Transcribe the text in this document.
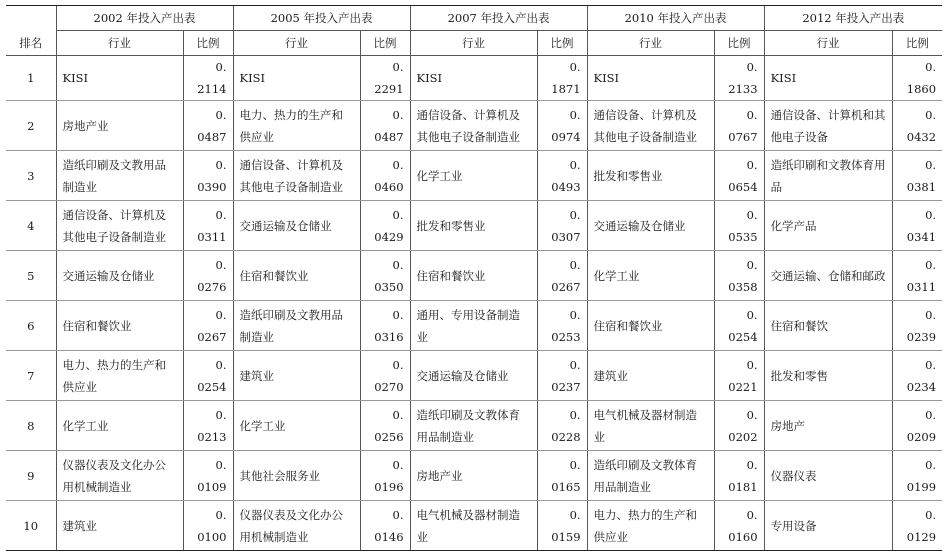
	2002 年投入产出表		2005 年投入产出表		2007 年投入产出表		2010 年投入产出表		2012 年投入产出表	
排名	行业	比例	行业	比例	行业	比例	行业	比例	行业	比例
1	KISI	0. 2114	KISI	0. 2291	KISI	0. 1871	KISI	0. 2133	KISI	0. 1860
2	房地产业	0. 0487	电力、热力的生产和供应业	0. 0487	通信设备、计算机及其他电子设备制造业	0. 0974	通信设备、计算机及其他电子设备制造业	0. 0767	通信设备、计算机和其他电子设备	0. 0432
3	造纸印刷及文教用品制造业	0. 0390	通信设备、计算机及其他电子设备制造业	0. 0460	化学工业	0. 0493	批发和零售业	0. 0654	造纸印刷和文教体育用品	0. 0381
4	通信设备、计算机及其他电子设备制造业	0. 0311	交通运输及仓储业	0. 0429	批发和零售业	0. 0307	交通运输及仓储业	0. 0535	化学产品	0. 0341
5	交通运输及仓储业	0. 0276	住宿和餐饮业	0. 0350	住宿和餐饮业	0. 0267	化学工业	0. 0358	交通运输、仓储和邮政	0. 0311
6	住宿和餐饮业	0. 0267	造纸印刷及文教用品制造业	0. 0316	通用、专用设备制造业	0. 0253	住宿和餐饮业	0. 0254	住宿和餐饮	0. 0239
7	电力、热力的生产和供应业	0. 0254	建筑业	0. 0270	交通运输及仓储业	0. 0237	建筑业	0. 0221	批发和零售	0. 0234
8	化学工业	0. 0213	化学工业	0. 0256	造纸印刷及文教体育用品制造业	0. 0228	电气机械及器材制造业	0. 0202	房地产	0. 0209
9	仪器仪表及文化办公用机械制造业	0. 0109	其他社会服务业	0. 0196	房地产业	0. 0165	造纸印刷及文教体育用品制造业	0. 0181	仪器仪表	0. 0199
10	建筑业	0. 0100	仪器仪表及文化办公用机械制造业	0. 0146	电气机械及器材制造业	0. 0159	电力、热力的生产和供应业	0. 0160	专用设备	0. 0129
